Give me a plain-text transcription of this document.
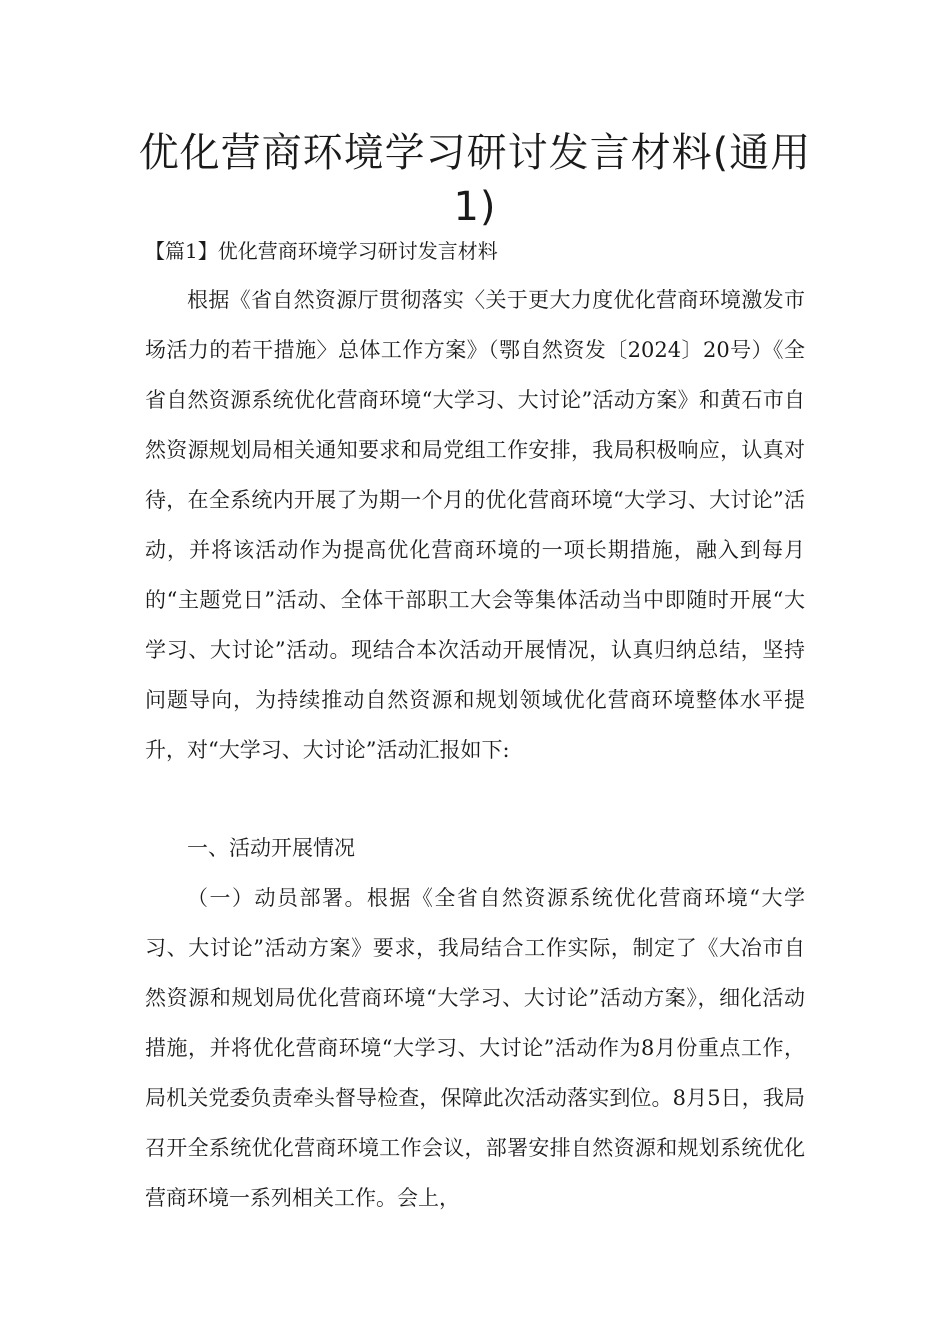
优化营商环境学习研讨发言材料(通用1)
【篇1】优化营商环境学习研讨发言材料

根据《省自然资源厅贯彻落实〈关于更大力度优化营商环境激发市场活力的若干措施〉总体工作方案》（鄂自然资发〔2024〕20号）《全省自然资源系统优化营商环境“大学习、大讨论”活动方案》和黄石市自然资源规划局相关通知要求和局党组工作安排，我局积极响应，认真对待，在全系统内开展了为期一个月的优化营商环境“大学习、大讨论”活动，并将该活动作为提高优化营商环境的一项长期措施，融入到每月的“主题党日”活动、全体干部职工大会等集体活动当中即随时开展“大学习、大讨论”活动。现结合本次活动开展情况，认真归纳总结，坚持问题导向，为持续推动自然资源和规划领域优化营商环境整体水平提升，对“大学习、大讨论”活动汇报如下:

一、活动开展情况

（一）动员部署。根据《全省自然资源系统优化营商环境“大学习、大讨论”活动方案》要求，我局结合工作实际，制定了《大冶市自然资源和规划局优化营商环境“大学习、大讨论”活动方案》，细化活动措施，并将优化营商环境“大学习、大讨论”活动作为8月份重点工作，局机关党委负责牵头督导检查，保障此次活动落实到位。8月5日，我局召开全系统优化营商环境工作会议，部署安排自然资源和规划系统优化营商环境一系列相关工作。会上，
